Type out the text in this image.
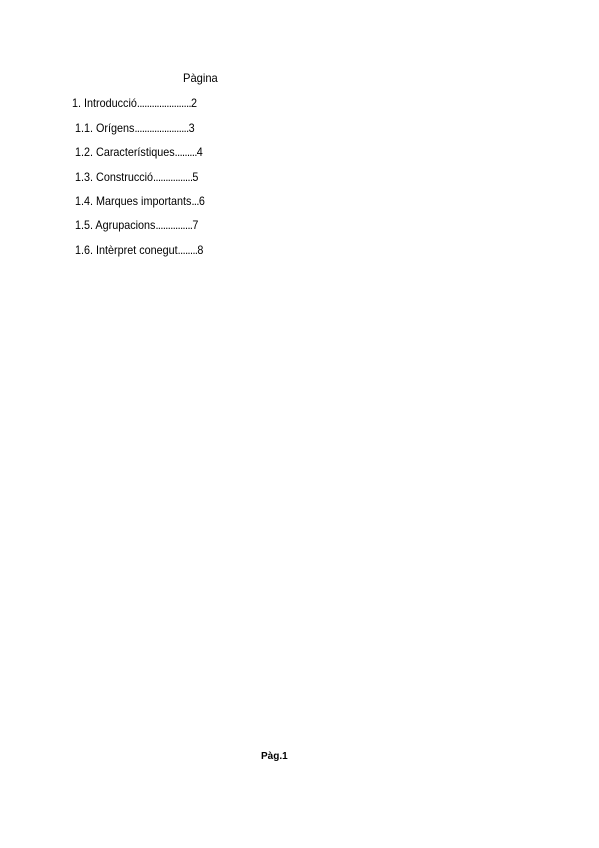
Pàgina
1. Introducció......................2
1.1. Orígens......................3
1.2. Característiques.........4
1.3. Construcció................5
1.4. Marques importants...6
1.5. Agrupacions...............7
1.6. Intèrpret conegut........8
Pàg.1
